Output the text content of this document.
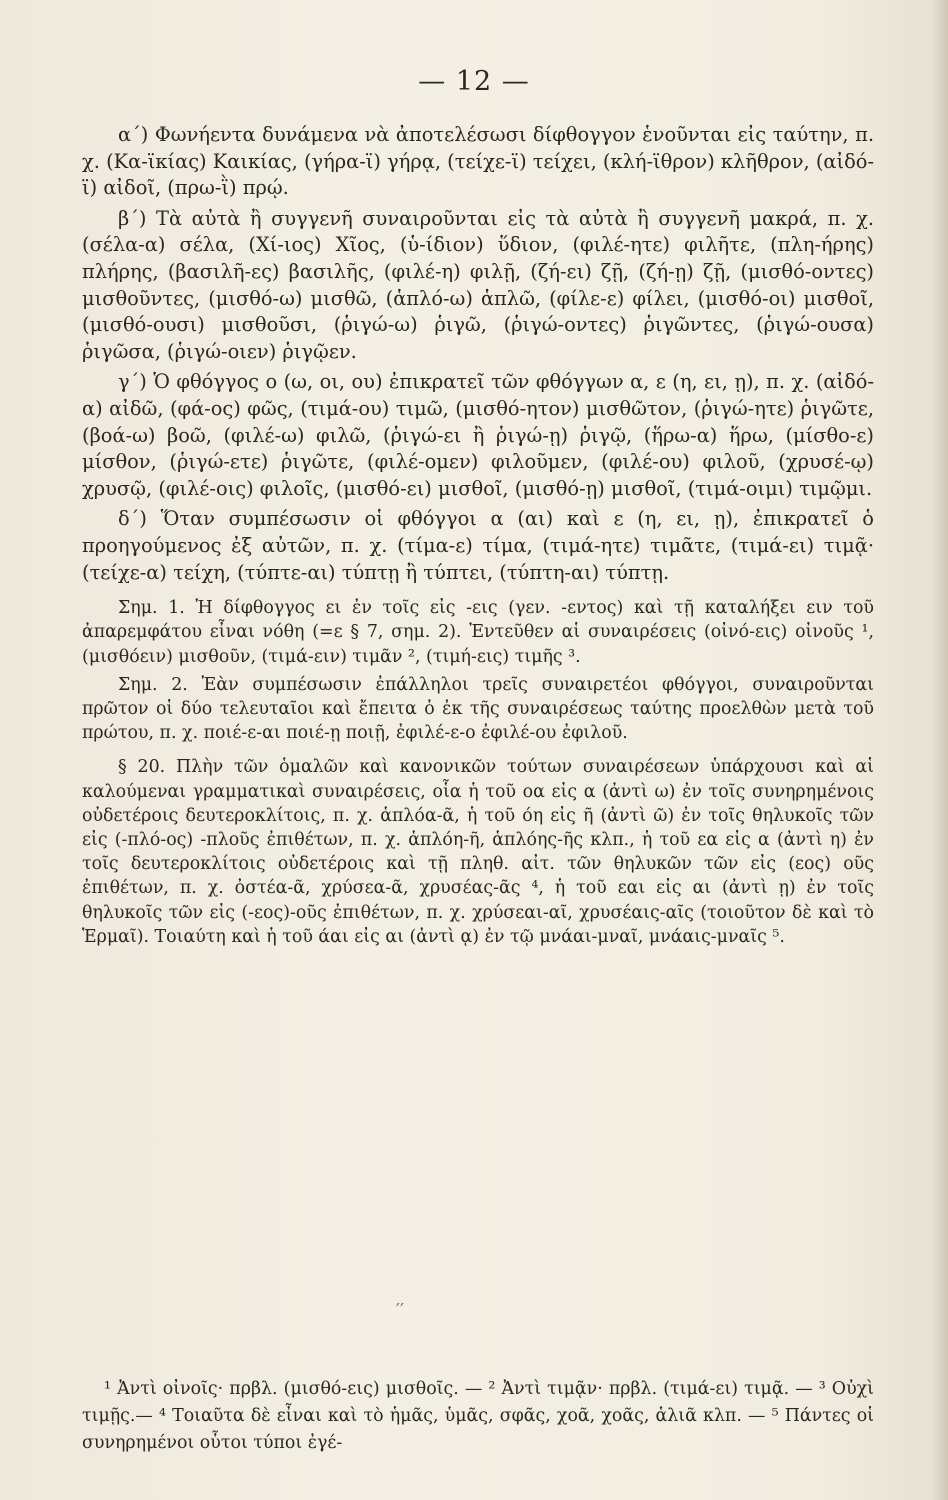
— 12 —

α΄) Φωνήεντα δυνάμενα νὰ ἀποτελέσωσι δίφθογγον ἑνοῦνται εἰς ταύτην, π. χ. (Κα-ϊκίας) Καικίας, (γήρα-ϊ) γήρᾳ, (τείχε-ϊ) τείχει, (κλή-ϊθρον) κλῆθρον, (αἰδό-ϊ) αἰδοῖ, (πρω-ῒ) πρῴ.

β΄) Τὰ αὐτὰ ἢ συγγενῆ συναιροῦνται εἰς τὰ αὐτὰ ἢ συγγενῆ μακρά, π. χ. (σέλα-α) σέλα, (Χί-ιος) Χῖος, (ὑ-ίδιον) ὕδιον, (φιλέ-ητε) φιλῆτε, (πλη-ήρης) πλήρης, (βασιλῆ-ες) βασιλῆς, (φιλέ-η) φιλῇ, (ζή-ει) ζῇ, (ζή-ῃ) ζῇ, (μισθό-οντες) μισθοῦντες, (μισθό-ω) μισθῶ, (ἁπλό-ω) ἁπλῶ, (φίλε-ε) φίλει, (μισθό-οι) μισθοῖ, (μισθό-ουσι) μισθοῦσι, (ῥιγώ-ω) ῥιγῶ, (ῥιγώ-οντες) ῥιγῶντες, (ῥιγώ-ουσα) ῥιγῶσα, (ῥιγώ-οιεν) ῥιγῷεν.

γ΄) Ὁ φθόγγος ο (ω, οι, ου) ἐπικρατεῖ τῶν φθόγγων α, ε (η, ει, ῃ), π. χ. (αἰδό-α) αἰδῶ, (φά-ος) φῶς, (τιμά-ου) τιμῶ, (μισθό-ητον) μισθῶτον, (ῥιγώ-ητε) ῥιγῶτε, (βοά-ω) βοῶ, (φιλέ-ω) φιλῶ, (ῥιγώ-ει ἢ ῥιγώ-ῃ) ῥιγῷ, (ἥρω-α) ἥρω, (μίσθο-ε) μίσθον, (ῥιγώ-ετε) ῥιγῶτε, (φιλέ-ομεν) φιλοῦμεν, (φιλέ-ου) φιλοῦ, (χρυσέ-ῳ) χρυσῷ, (φιλέ-οις) φιλοῖς, (μισθό-ει) μισθοῖ, (μισθό-ῃ) μισθοῖ, (τιμά-οιμι) τιμῷμι.

δ΄) Ὅταν συμπέσωσιν οἱ φθόγγοι α (αι) καὶ ε (η, ει, ῃ), ἐπικρατεῖ ὁ προηγούμενος ἐξ αὐτῶν, π. χ. (τίμα-ε) τίμα, (τιμά-ητε) τιμᾶτε, (τιμά-ει) τιμᾷ· (τείχε-α) τείχη, (τύπτε-αι) τύπτῃ ἢ τύπτει, (τύπτη-αι) τύπτῃ.

Σημ. 1. Ἡ δίφθογγος ει ἐν τοῖς εἰς -εις (γεν. -εντος) καὶ τῇ καταλήξει ειν τοῦ ἀπαρεμφάτου εἶναι νόθη (=ε § 7, σημ. 2). Ἐντεῦθεν αἱ συναιρέσεις (οἰνό-εις) οἰνοῦς ¹, (μισθόειν) μισθοῦν, (τιμά-ειν) τιμᾶν ², (τιμή-εις) τιμῆς ³.

Σημ. 2. Ἐὰν συμπέσωσιν ἐπάλληλοι τρεῖς συναιρετέοι φθόγγοι, συναιροῦνται πρῶτον οἱ δύο τελευταῖοι καὶ ἔπειτα ὁ ἐκ τῆς συναιρέσεως ταύτης προελθὼν μετὰ τοῦ πρώτου, π. χ. ποιέ-ε-αι ποιέ-ῃ ποιῇ, ἐφιλέ-ε-ο ἐφιλέ-ου ἐφιλοῦ.

§ 20. Πλὴν τῶν ὁμαλῶν καὶ κανονικῶν τούτων συναιρέσεων ὑπάρχουσι καὶ αἱ καλούμεναι γραμματικαὶ συναιρέσεις, οἷα ἡ τοῦ οα εἰς α (ἀντὶ ω) ἐν τοῖς συνηρημένοις οὐδετέροις δευτεροκλίτοις, π. χ. ἁπλόα-ᾶ, ἡ τοῦ όη εἰς ῆ (ἀντὶ ῶ) ἐν τοῖς θηλυκοῖς τῶν εἰς (-πλό-ος) -πλοῦς ἐπιθέτων, π. χ. ἁπλόη-ῆ, ἁπλόης-ῆς κλπ., ἡ τοῦ εα εἰς α (ἀντὶ η) ἐν τοῖς δευτεροκλίτοις οὐδετέροις καὶ τῇ πληθ. αἰτ. τῶν θηλυκῶν τῶν εἰς (εος) οῦς ἐπιθέτων, π. χ. ὀστέα-ᾶ, χρύσεα-ᾶ, χρυσέας-ᾶς ⁴, ἡ τοῦ εαι εἰς αι (ἀντὶ ῃ) ἐν τοῖς θηλυκοῖς τῶν εἰς (-εος)-οῦς ἐπιθέτων, π. χ. χρύσεαι-αῖ, χρυσέαις-αῖς (τοιοῦτον δὲ καὶ τὸ Ἑρμαῖ). Τοιαύτη καὶ ἡ τοῦ άαι εἰς αι (ἀντὶ ᾳ) ἐν τῷ μνάαι-μναῖ, μνάαις-μναῖς ⁵.

′′

¹ Ἀντὶ οἰνοῖς· πρβλ. (μισθό-εις) μισθοῖς. — ² Ἀντὶ τιμᾷν· πρβλ. (τιμά-ει) τιμᾷ. — ³ Οὐχὶ τιμῇς.— ⁴ Τοιαῦτα δὲ εἶναι καὶ τὸ ἡμᾶς, ὑμᾶς, σφᾶς, χοᾶ, χοᾶς, ἁλιᾶ κλπ. — ⁵ Πάντες οἱ συνηρημένοι οὗτοι τύποι ἐγέ-
